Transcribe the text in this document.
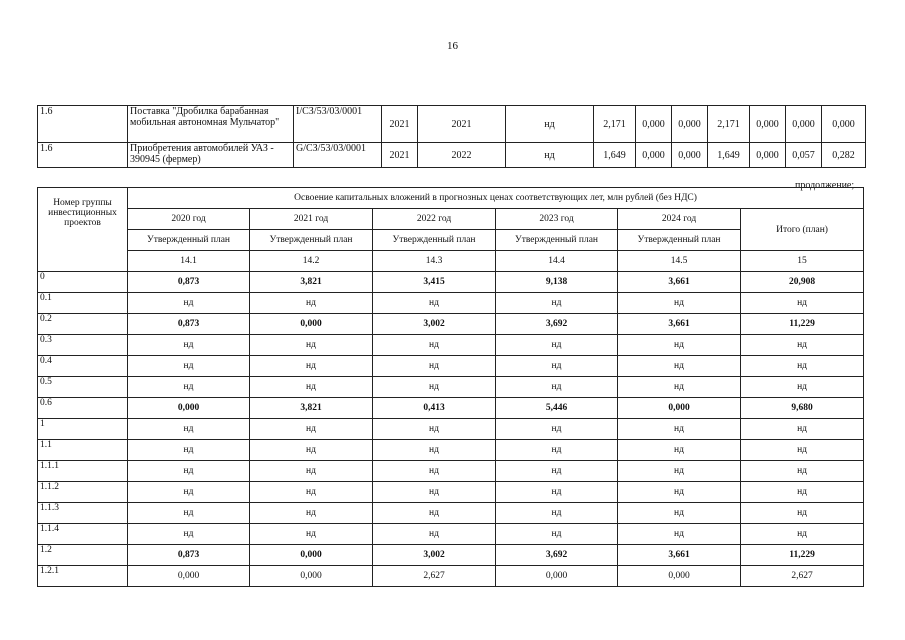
16
1.6	Поставка "Дробилка барабанная мобильная автономная Мульчатор"	I/СЗ/53/03/0001	2021	2021	нд	2,171	0,000	0,000	2,171	0,000	0,000	0,000
1.6	Приобретения автомобилей УАЗ - 390945 (фермер)	G/СЗ/53/03/0001	2021	2022	нд	1,649	0,000	0,000	1,649	0,000	0,057	0,282
продолжение;
Номер группы инвестиционных проектов	Освоение капитальных вложений в прогнозных ценах соответствующих лет, млн рублей (без НДС)					
	2020 год	2021 год	2022 год	2023 год	2024 год	Итого (план)
	Утвержденный план	Утвержденный план	Утвержденный план	Утвержденный план	Утвержденный план	
	14.1	14.2	14.3	14.4	14.5	15
0	0,873	3,821	3,415	9,138	3,661	20,908
0.1	нд	нд	нд	нд	нд	нд
0.2	0,873	0,000	3,002	3,692	3,661	11,229
0.3	нд	нд	нд	нд	нд	нд
0.4	нд	нд	нд	нд	нд	нд
0.5	нд	нд	нд	нд	нд	нд
0.6	0,000	3,821	0,413	5,446	0,000	9,680
1	нд	нд	нд	нд	нд	нд
1.1	нд	нд	нд	нд	нд	нд
1.1.1	нд	нд	нд	нд	нд	нд
1.1.2	нд	нд	нд	нд	нд	нд
1.1.3	нд	нд	нд	нд	нд	нд
1.1.4	нд	нд	нд	нд	нд	нд
1.2	0,873	0,000	3,002	3,692	3,661	11,229
1.2.1	0,000	0,000	2,627	0,000	0,000	2,627
